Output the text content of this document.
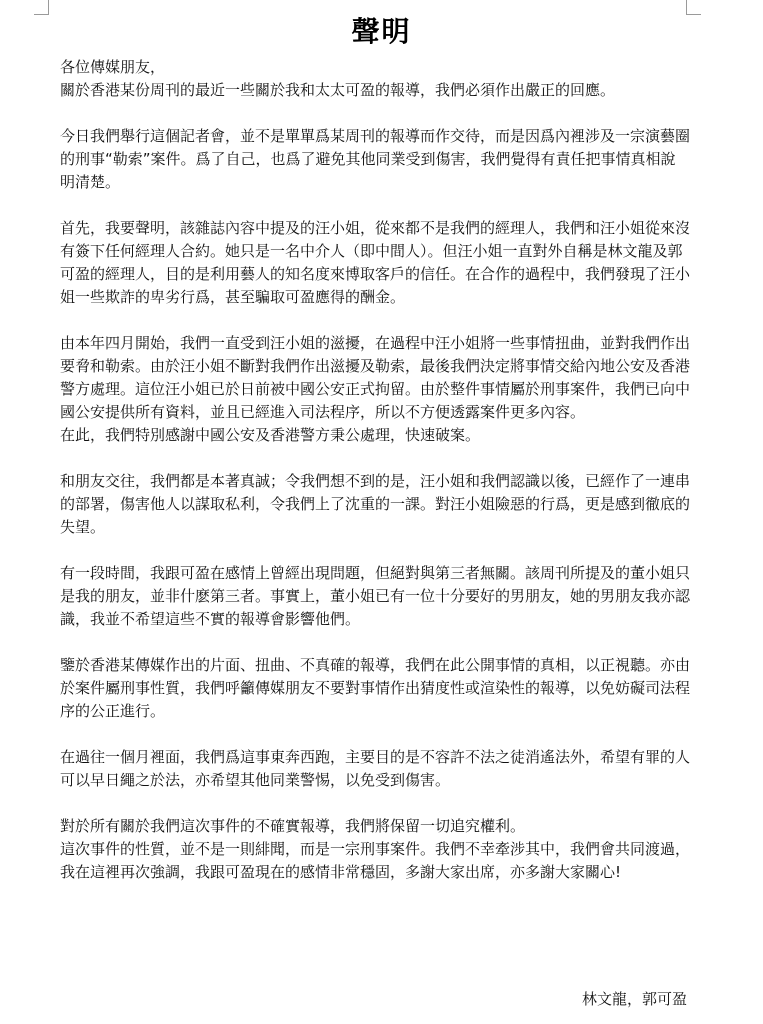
聲明

各位傳媒朋友，

關於香港某份周刊的最近一些關於我和太太可盈的報導，我們必須作出嚴正的回應。

今日我們舉行這個記者會，並不是單單爲某周刊的報導而作交待，而是因爲內裡涉及一宗演藝圈的刑事“勒索”案件。爲了自己，也爲了避免其他同業受到傷害，我們覺得有責任把事情真相說明清楚。

首先，我要聲明，該雜誌內容中提及的汪小姐，從來都不是我們的經理人，我們和汪小姐從來沒有簽下任何經理人合約。她只是一名中介人（即中間人）。但汪小姐一直對外自稱是林文龍及郭可盈的經理人，目的是利用藝人的知名度來博取客戶的信任。在合作的過程中，我們發現了汪小姐一些欺詐的卑劣行爲，甚至騙取可盈應得的酬金。

由本年四月開始，我們一直受到汪小姐的滋擾，在過程中汪小姐將一些事情扭曲，並對我們作出要脅和勒索。由於汪小姐不斷對我們作出滋擾及勒索，最後我們決定將事情交給內地公安及香港警方處理。這位汪小姐已於日前被中國公安正式拘留。由於整件事情屬於刑事案件，我們已向中國公安提供所有資料，並且已經進入司法程序，所以不方便透露案件更多內容。

在此，我們特別感謝中國公安及香港警方秉公處理，快速破案。

和朋友交往，我們都是本著真誠；令我們想不到的是，汪小姐和我們認識以後，已經作了一連串的部署，傷害他人以謀取私利，令我們上了沈重的一課。對汪小姐險惡的行爲，更是感到徹底的失望。

有一段時間，我跟可盈在感情上曾經出現問題，但絕對與第三者無關。該周刊所提及的董小姐只是我的朋友，並非什麽第三者。事實上，董小姐已有一位十分要好的男朋友，她的男朋友我亦認識，我並不希望這些不實的報導會影響他們。

鑒於香港某傳媒作出的片面、扭曲、不真確的報導，我們在此公開事情的真相，以正視聽。亦由於案件屬刑事性質，我們呼籲傳媒朋友不要對事情作出猜度性或渲染性的報導，以免妨礙司法程序的公正進行。

在過往一個月裡面，我們爲這事東奔西跑，主要目的是不容許不法之徒消遙法外，希望有罪的人可以早日繩之於法，亦希望其他同業警惕，以免受到傷害。

對於所有關於我們這次事件的不確實報導，我們將保留一切追究權利。

這次事件的性質，並不是一則緋聞，而是一宗刑事案件。我們不幸牽涉其中，我們會共同渡過，我在這裡再次強調，我跟可盈現在的感情非常穩固，多謝大家出席，亦多謝大家關心!

林文龍，郭可盈
